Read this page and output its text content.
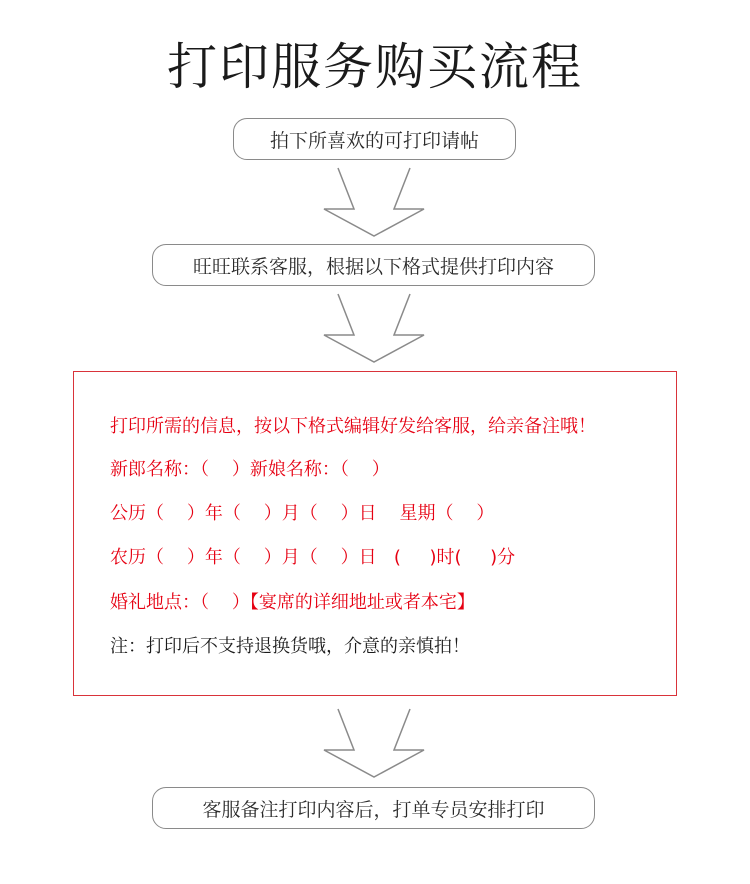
打印服务购买流程
拍下所喜欢的可打印请帖
旺旺联系客服，根据以下格式提供打印内容
打印所需的信息，按以下格式编辑好发给客服，给亲备注哦！
新郎名称：（    ）新娘名称：（    ）
公历（    ）年（    ）月（    ）日    星期（    ）
农历（    ）年（    ）月（    ）日   (     )时(     )分
婚礼地点：（    ）【宴席的详细地址或者本宅】
注：打印后不支持退换货哦，介意的亲慎拍！
客服备注打印内容后，打单专员安排打印
